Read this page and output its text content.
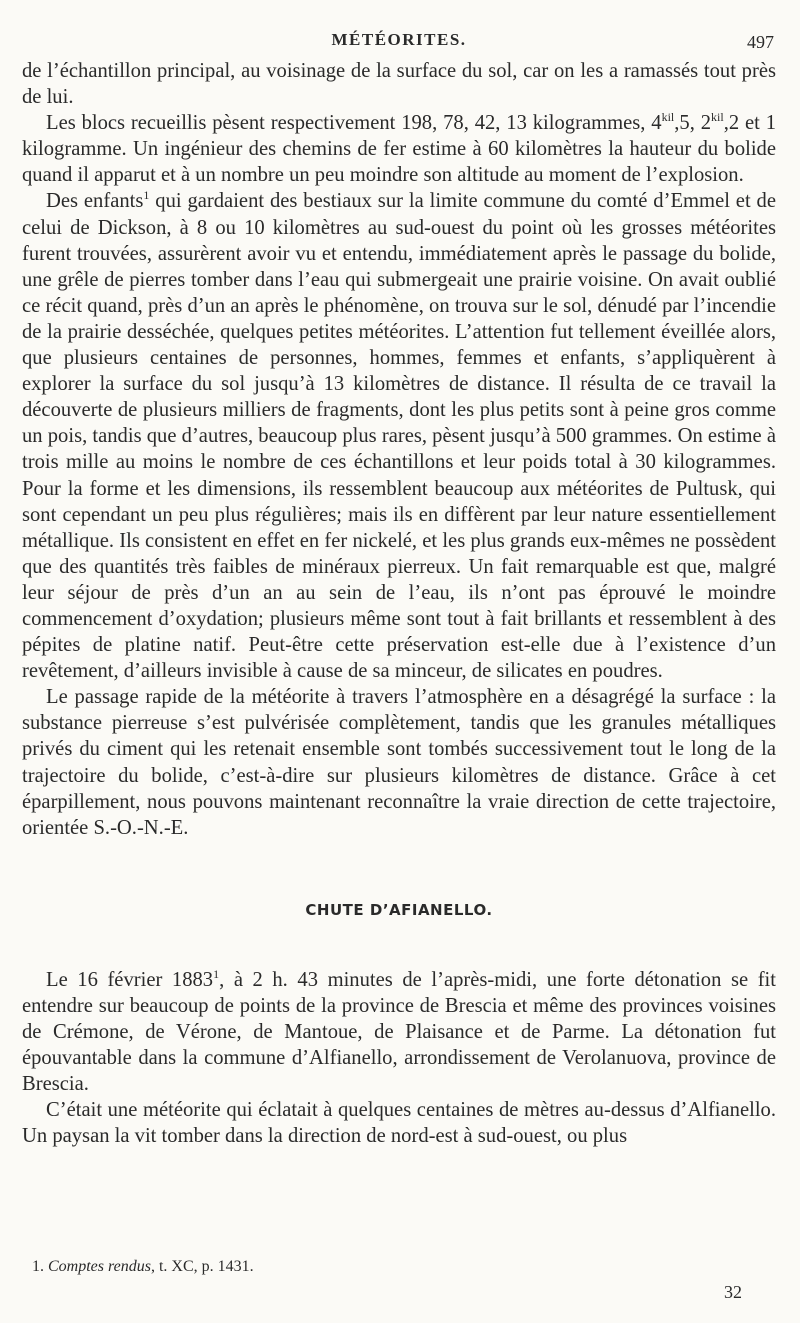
MÉTÉORITES.	497

de l’échantillon principal, au voisinage de la surface du sol, car on les a ramassés tout près de lui.

Les blocs recueillis pèsent respectivement 198, 78, 42, 13 kilogrammes, $4^{kil},5$, $2^{kil},2$ et 1 kilogramme. Un ingénieur des chemins de fer estime à 60 kilomètres la hauteur du bolide quand il apparut et à un nombre un peu moindre son altitude au moment de l’explosion.

Des enfants$^1$ qui gardaient des bestiaux sur la limite commune du comté d’Emmel et de celui de Dickson, à 8 ou 10 kilomètres au sud-ouest du point où les grosses météorites furent trouvées, assurèrent avoir vu et entendu, immédiatement après le passage du bolide, une grêle de pierres tomber dans l’eau qui submergeait une prairie voisine. On avait oublié ce récit quand, près d’un an après le phénomène, on trouva sur le sol, dénudé par l’incendie de la prairie desséchée, quelques petites météorites. L’attention fut tellement éveillée alors, que plusieurs centaines de personnes, hommes, femmes et enfants, s’appliquèrent à explorer la surface du sol jusqu’à 13 kilomètres de distance. Il résulta de ce travail la découverte de plusieurs milliers de fragments, dont les plus petits sont à peine gros comme un pois, tandis que d’autres, beaucoup plus rares, pèsent jusqu’à 500 grammes. On estime à trois mille au moins le nombre de ces échantillons et leur poids total à 30 kilogrammes. Pour la forme et les dimensions, ils ressemblent beaucoup aux météorites de Pultusk, qui sont cependant un peu plus régulières; mais ils en diffèrent par leur nature essentiellement métallique. Ils consistent en effet en fer nickelé, et les plus grands eux-mêmes ne possèdent que des quantités très faibles de minéraux pierreux. Un fait remarquable est que, malgré leur séjour de près d’un an au sein de l’eau, ils n’ont pas éprouvé le moindre commencement d’oxydation; plusieurs même sont tout à fait brillants et ressemblent à des pépites de platine natif. Peut-être cette préservation est-elle due à l’existence d’un revêtement, d’ailleurs invisible à cause de sa minceur, de silicates en poudres.

Le passage rapide de la météorite à travers l’atmosphère en a désagrégé la surface : la substance pierreuse s’est pulvérisée complètement, tandis que les granules métalliques privés du ciment qui les retenait ensemble sont tombés successivement tout le long de la trajectoire du bolide, c’est-à-dire sur plusieurs kilomètres de distance. Grâce à cet éparpillement, nous pouvons maintenant reconnaître la vraie direction de cette trajectoire, orientée S.-O.-N.-E.

CHUTE D’AFIANELLO.

Le 16 février 1883$^1$, à 2 h. 43 minutes de l’après-midi, une forte détonation se fit entendre sur beaucoup de points de la province de Brescia et même des provinces voisines de Crémone, de Vérone, de Mantoue, de Plaisance et de Parme. La détonation fut épouvantable dans la commune d’Alfianello, arrondissement de Verolanuova, province de Brescia.

C’était une météorite qui éclatait à quelques centaines de mètres au-dessus d’Alfianello. Un paysan la vit tomber dans la direction de nord-est à sud-ouest, ou plus

1. Comptes rendus, t. XC, p. 1431.
32
